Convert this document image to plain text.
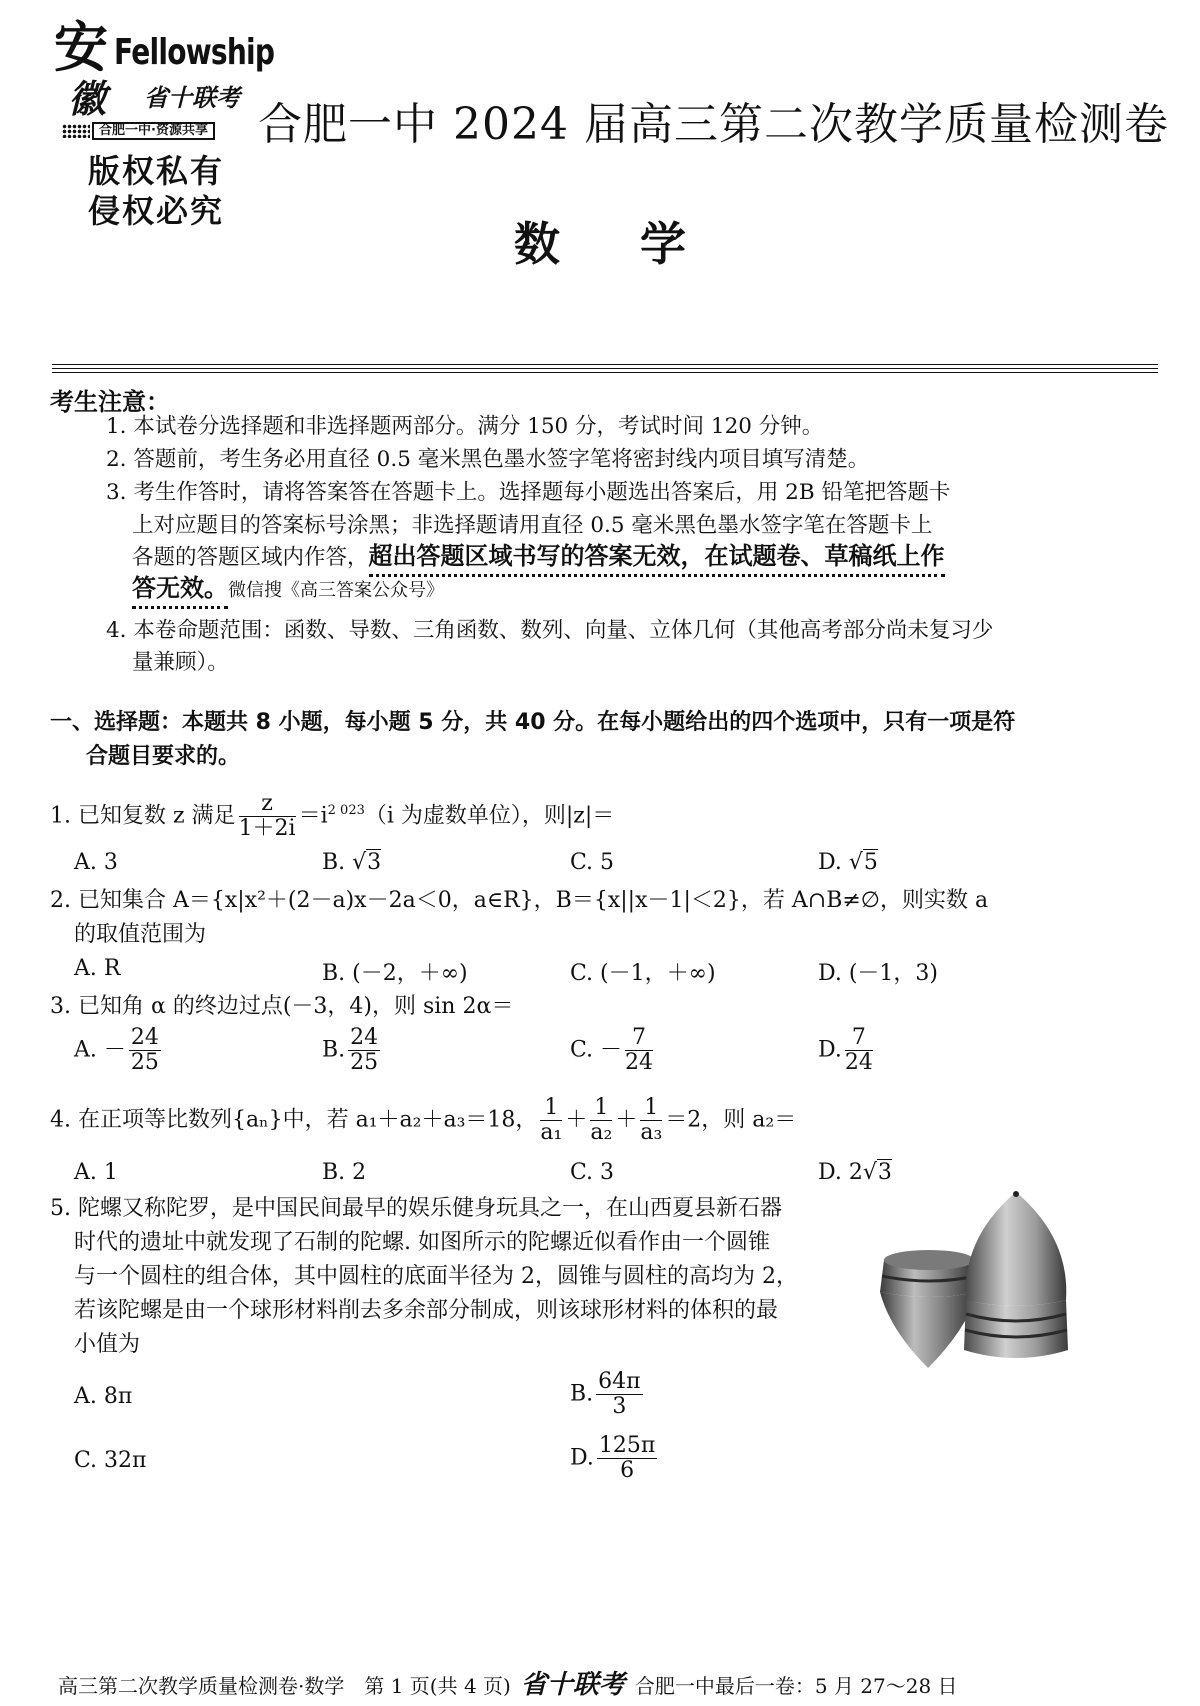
安 Fellowship
徽 省十联考
合肥一中·资源共享
版权私有
侵权必究
合肥一中 2024 届高三第二次教学质量检测卷
数学
考生注意：
1. 本试卷分选择题和非选择题两部分。满分 150 分，考试时间 120 分钟。
2. 答题前，考生务必用直径 0.5 毫米黑色墨水签字笔将密封线内项目填写清楚。
3. 考生作答时，请将答案答在答题卡上。选择题每小题选出答案后，用 2B 铅笔把答题卡
上对应题目的答案标号涂黑；非选择题请用直径 0.5 毫米黑色墨水签字笔在答题卡上
各题的答题区域内作答，超出答题区域书写的答案无效，在试题卷、草稿纸上作
答无效。微信搜《高三答案公众号》
4. 本卷命题范围：函数、导数、三角函数、数列、向量、立体几何（其他高考部分尚未复习少
量兼顾）。
一、选择题：本题共 8 小题，每小题 5 分，共 40 分。在每小题给出的四个选项中，只有一项是符
合题目要求的。
1. 已知复数 z 满足 $\frac{z}{1+2i} =i^{2 023}(i$ 为虚数单位），则|z|＝
A. 3	B. √3	C. 5	D. √5
2. 已知集合 A＝{x|x²＋(2－a)x－2a＜0，a∈R}，B＝{x||x－1|＜2}，若 A∩B≠∅，则实数 a
的取值范围为
A. R	B. (－2，＋∞)	C. (－1，＋∞)	D. (－1，3)
3. 已知角 α 的终边过点(－3，4)，则 sin 2α＝
A. － $\frac{24}{25}$	B. $\frac{24}{25}$	C. － $\frac{7}{24}$	D. $\frac{7}{24}$
4. 在正项等比数列{aₙ}中，若 a₁＋a₂＋a₃＝18， $\frac{1}{\text{a₁}} + \frac{1}{\text{a₂}} + \frac{1}{\text{a₃}} =2$，则 a₂＝
A. 1	B. 2	C. 3	D. 2√3
5. 陀螺又称陀罗，是中国民间最早的娱乐健身玩具之一，在山西夏县新石器
时代的遗址中就发现了石制的陀螺. 如图所示的陀螺近似看作由一个圆锥
与一个圆柱的组合体，其中圆柱的底面半径为 2，圆锥与圆柱的高均为 2，
若该陀螺是由一个球形材料削去多余部分制成，则该球形材料的体积的最
小值为
A. 8π	B. $\frac{64\pi}{3}$
C. 32π	D. $\frac{125\pi}{6}$
高三第二次教学质量检测卷·数学　第 1 页(共 4 页) 省十联考 合肥一中最后一卷：5 月 27～28 日
